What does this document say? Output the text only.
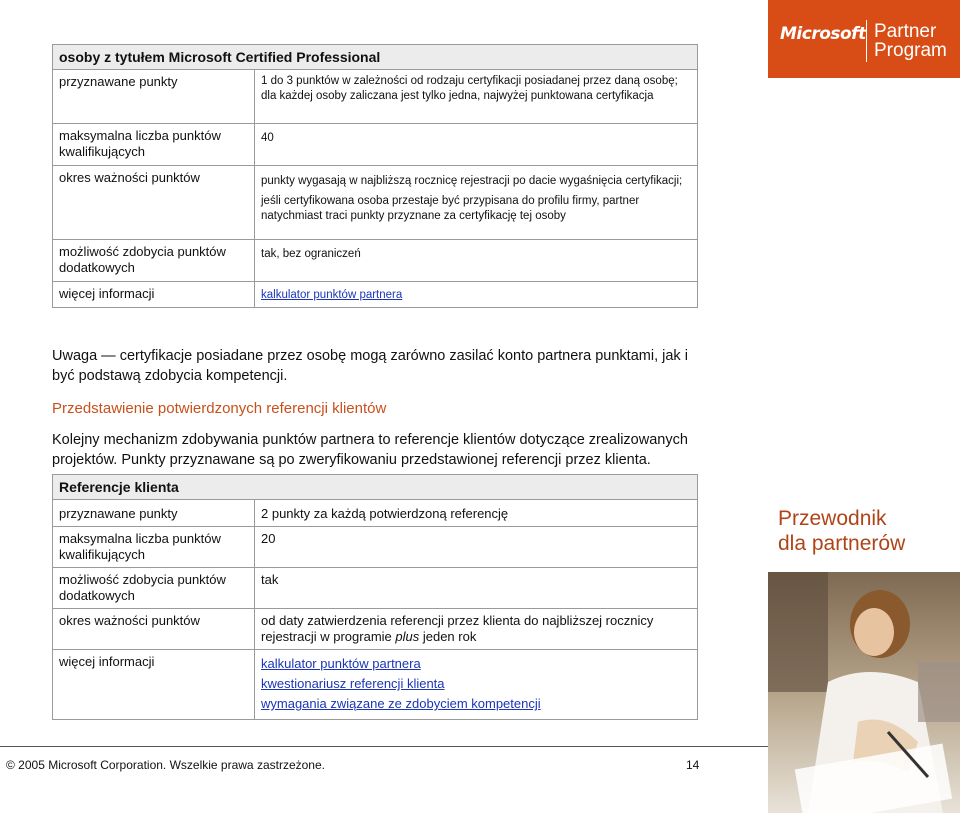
Microsoft Partner
Program
Przewodnik
dla partnerów
osoby z tytułem Microsoft Certified Professional	
przyznawane punkty	1 do 3 punktów w zależności od rodzaju certyfikacji posiadanej przez daną osobę; dla każdej osoby zaliczana jest tylko jedna, najwyżej punktowana certyfikacja
maksymalna liczba punktów kwalifikujących	40
okres ważności punktów	punkty wygasają w najbliższą rocznicę rejestracji po dacie wygaśnięcia certyfikacji;
jeśli certyfikowana osoba przestaje być przypisana do profilu firmy, partner natychmiast traci punkty przyznane za certyfikację tej osoby

możliwość zdobycia punktów dodatkowych	tak, bez ograniczeń
więcej informacji	kalkulator punktów partnera
Uwaga — certyfikacje posiadane przez osobę mogą zarówno zasilać konto partnera punktami, jak i być podstawą zdobycia kompetencji.
Przedstawienie potwierdzonych referencji klientów
Kolejny mechanizm zdobywania punktów partnera to referencje klientów dotyczące zrealizowanych projektów. Punkty przyznawane są po zweryfikowaniu przedstawionej referencji przez klienta.
Referencje klienta	
przyznawane punkty	2 punkty za każdą potwierdzoną referencję
maksymalna liczba punktów kwalifikujących	20
możliwość zdobycia punktów dodatkowych	tak
okres ważności punktów	od daty zatwierdzenia referencji przez klienta do najbliższej rocznicy rejestracji w programie plus jeden rok
więcej informacji	kalkulator punktów partnera
kwestionariusz referencji klienta
wymagania związane ze zdobyciem kompetencji
© 2005 Microsoft Corporation. Wszelkie prawa zastrzeżone.	14
